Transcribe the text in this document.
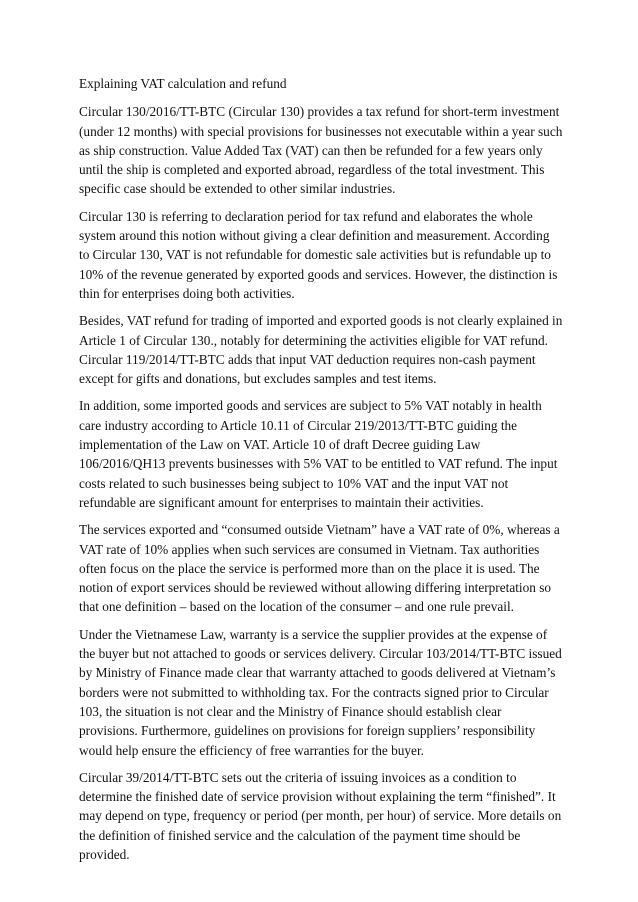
Explaining VAT calculation and refund

Circular 130/2016/TT-BTC (Circular 130) provides a tax refund for short-term investment (under 12 months) with special provisions for businesses not executable within a year such as ship construction. Value Added Tax (VAT) can then be refunded for a few years only until the ship is completed and exported abroad, regardless of the total investment. This specific case should be extended to other similar industries.

Circular 130 is referring to declaration period for tax refund and elaborates the whole system around this notion without giving a clear definition and measurement. According to Circular 130, VAT is not refundable for domestic sale activities but is refundable up to 10% of the revenue generated by exported goods and services. However, the distinction is thin for enterprises doing both activities.

Besides, VAT refund for trading of imported and exported goods is not clearly explained in Article 1 of Circular 130., notably for determining the activities eligible for VAT refund. Circular 119/2014/TT-BTC adds that input VAT deduction requires non-cash payment except for gifts and donations, but excludes samples and test items.

In addition, some imported goods and services are subject to 5% VAT notably in health care industry according to Article 10.11 of Circular 219/2013/TT-BTC guiding the implementation of the Law on VAT. Article 10 of draft Decree guiding Law 106/2016/QH13 prevents businesses with 5% VAT to be entitled to VAT refund. The input costs related to such businesses being subject to 10% VAT and the input VAT not refundable are significant amount for enterprises to maintain their activities.

The services exported and “consumed outside Vietnam” have a VAT rate of 0%, whereas a VAT rate of 10% applies when such services are consumed in Vietnam. Tax authorities often focus on the place the service is performed more than on the place it is used. The notion of export services should be reviewed without allowing differing interpretation so that one definition – based on the location of the consumer – and one rule prevail.

Under the Vietnamese Law, warranty is a service the supplier provides at the expense of the buyer but not attached to goods or services delivery. Circular 103/2014/TT-BTC issued by Ministry of Finance made clear that warranty attached to goods delivered at Vietnam’s borders were not submitted to withholding tax. For the contracts signed prior to Circular 103, the situation is not clear and the Ministry of Finance should establish clear provisions. Furthermore, guidelines on provisions for foreign suppliers’ responsibility would help ensure the efficiency of free warranties for the buyer.

Circular 39/2014/TT-BTC sets out the criteria of issuing invoices as a condition to determine the finished date of service provision without explaining the term “finished”. It may depend on type, frequency or period (per month, per hour) of service. More details on the definition of finished service and the calculation of the payment time should be provided.
